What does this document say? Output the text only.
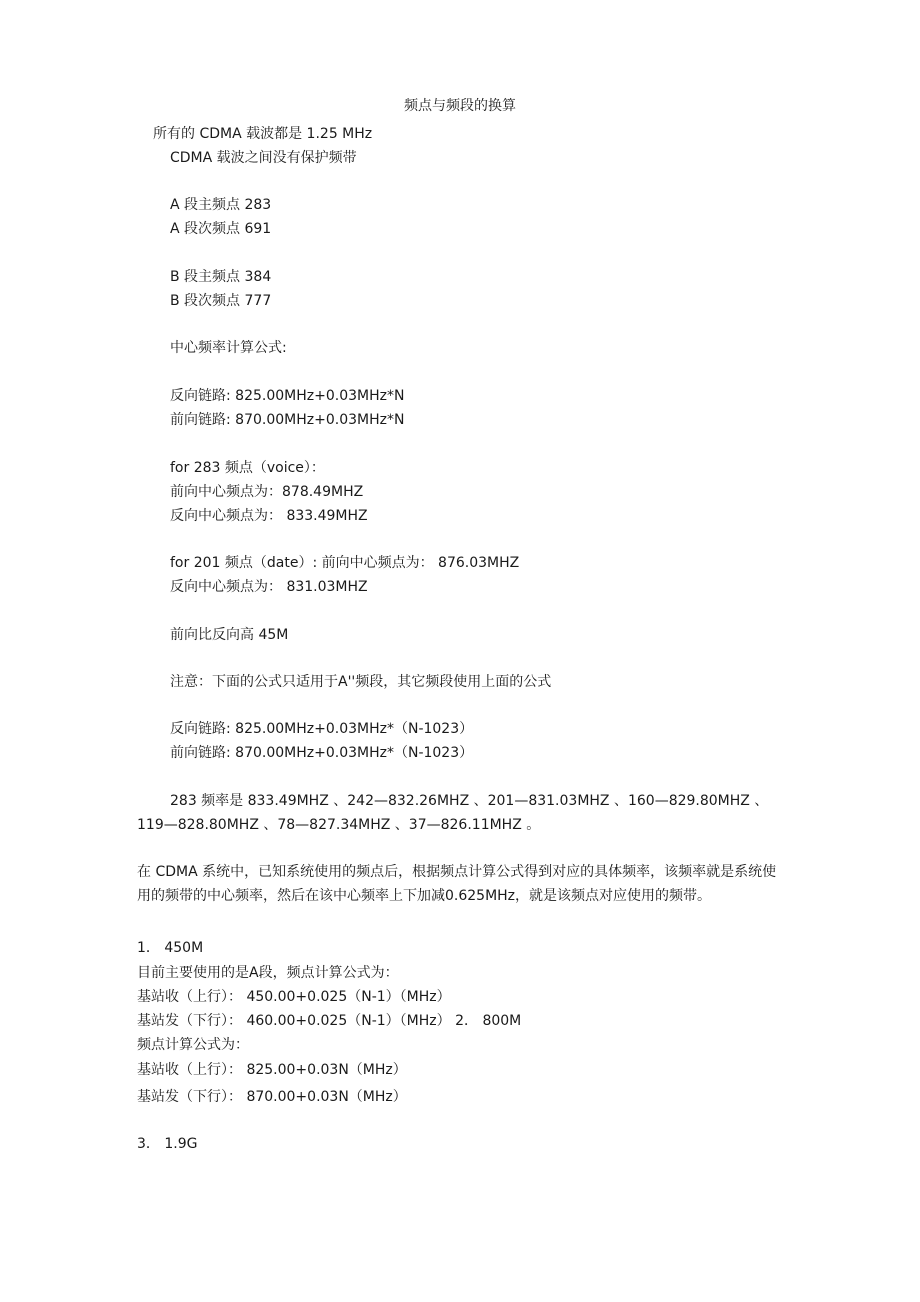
频点与频段的换算
所有的 CDMA 载波都是 1.25 MHz
CDMA 载波之间没有保护频带
A 段主频点 283
A 段次频点 691
B 段主频点 384
B 段次频点 777
中心频率计算公式:
反向链路: 825.00MHz+0.03MHz*N
前向链路: 870.00MHz+0.03MHz*N
for 283 频点（voice）：
前向中心频点为：878.49MHZ
反向中心频点为： 833.49MHZ
for 201 频点（date）: 前向中心频点为： 876.03MHZ
反向中心频点为： 831.03MHZ
前向比反向高 45M
注意：下面的公式只适用于A''频段，其它频段使用上面的公式
反向链路: 825.00MHz+0.03MHz*（N-1023）
前向链路: 870.00MHz+0.03MHz*（N-1023）
283 频率是 833.49MHZ 、242—832.26MHZ 、201—831.03MHZ 、160—829.80MHZ 、
119—828.80MHZ 、78—827.34MHZ 、37—826.11MHZ 。
在 CDMA 系统中，已知系统使用的频点后，根据频点计算公式得到对应的具体频率，该频率就是系统使用的频带的中心频率，然后在该中心频率上下加减0.625MHz，就是该频点对应使用的频带。
1． 450M
目前主要使用的是A段，频点计算公式为：
基站收（上行）： 450.00+0.025（N-1）（MHz）
基站发（下行）： 460.00+0.025（N-1）（MHz） 2． 800M
频点计算公式为：
基站收（上行）： 825.00+0.03N（MHz）
基站发（下行）： 870.00+0.03N（MHz）
3． 1.9G
